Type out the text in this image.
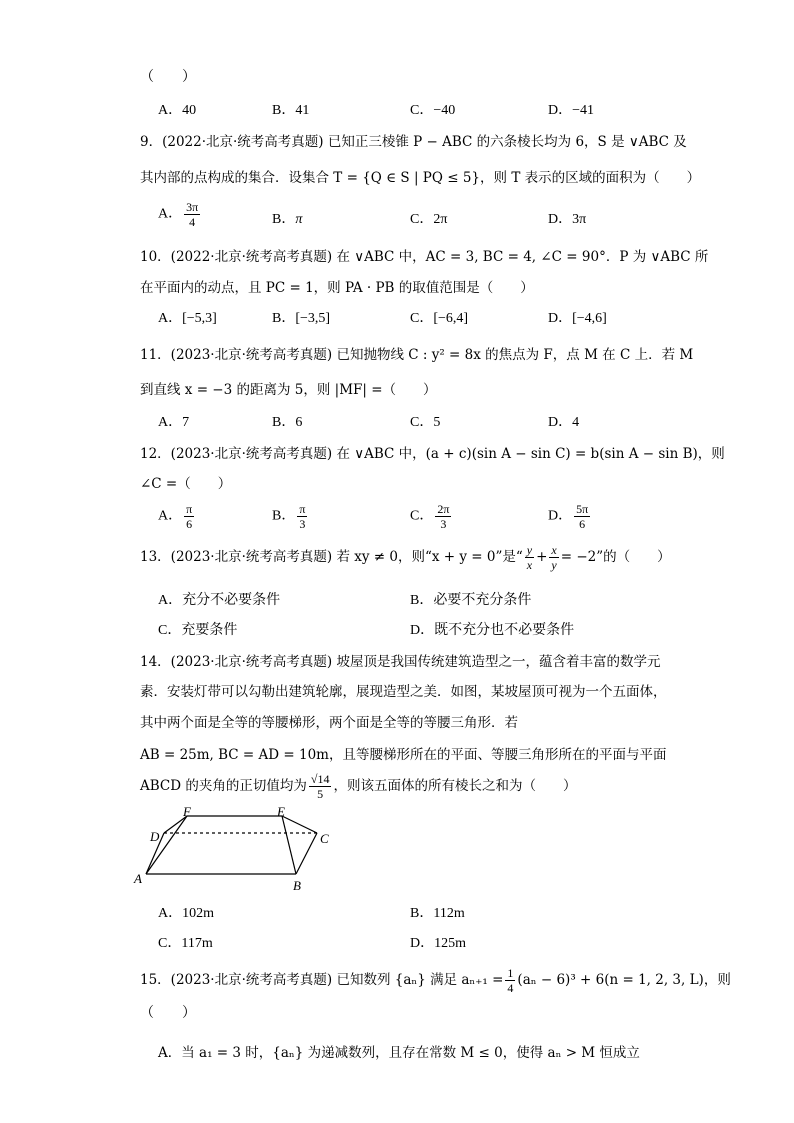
（　　）
A．40	B．41	C．−40	D．−41
9．(2022·北京·统考高考真题) 已知正三棱锥 P − ABC 的六条棱长均为 6，S 是 ∨ABC 及
其内部的点构成的集合．设集合 T = {Q ∈ S | PQ ≤ 5}，则 T 表示的区域的面积为（　　）
A． $\frac{3\pi}{4}$	B．π	C．2π	D．3π
10．(2022·北京·统考高考真题) 在 ∨ABC 中，AC = 3, BC = 4, ∠C = 90°．P 为 ∨ABC 所
在平面内的动点，且 PC = 1，则 PA · PB 的取值范围是（　　）
A．[−5,3]	B．[−3,5]	C．[−6,4]	D．[−4,6]
11．(2023·北京·统考高考真题) 已知抛物线 C : y² = 8x 的焦点为 F，点 M 在 C 上．若 M
到直线 x = −3 的距离为 5，则 |MF| =（　　）
A．7	B．6	C．5	D．4
12．(2023·北京·统考高考真题) 在 ∨ABC 中，(a + c)(sin A − sin C) = b(sin A − sin B)，则
∠C =（　　）
A． $\frac{\pi}{6}$	B． $\frac{\pi}{3}$	C． $\frac{2\pi}{3}$	D． $\frac{5\pi}{6}$
13．(2023·北京·统考高考真题) 若 xy ≠ 0，则“x + y = 0”是“ $\frac{y}{x} + \frac{x}{y} = -2$”的（　　）
A．充分不必要条件	B．必要不充分条件
C．充要条件	D．既不充分也不必要条件
14．(2023·北京·统考高考真题) 坡屋顶是我国传统建筑造型之一，蕴含着丰富的数学元
素．安装灯带可以勾勒出建筑轮廓，展现造型之美．如图，某坡屋顶可视为一个五面体，
其中两个面是全等的等腰梯形，两个面是全等的等腰三角形．若
AB = 25m, BC = AD = 10m，且等腰梯形所在的平面、等腰三角形所在的平面与平面
ABCD 的夹角的正切值均为 $\frac{√14}{5}$ ，则该五面体的所有棱长之和为（　　）
A	B
C
D
E
F
A．102m	B．112m
C．117m	D．125m
15．(2023·北京·统考高考真题) 已知数列 {aₙ} 满足 $a_{n+1} = \frac{1}{4} (a_n - 6)^3 + 6(n = 1$, 2, 3, L)，则
（　　）
A．当 a₁ = 3 时，{aₙ} 为递减数列，且存在常数 M ≤ 0，使得 aₙ > M 恒成立
